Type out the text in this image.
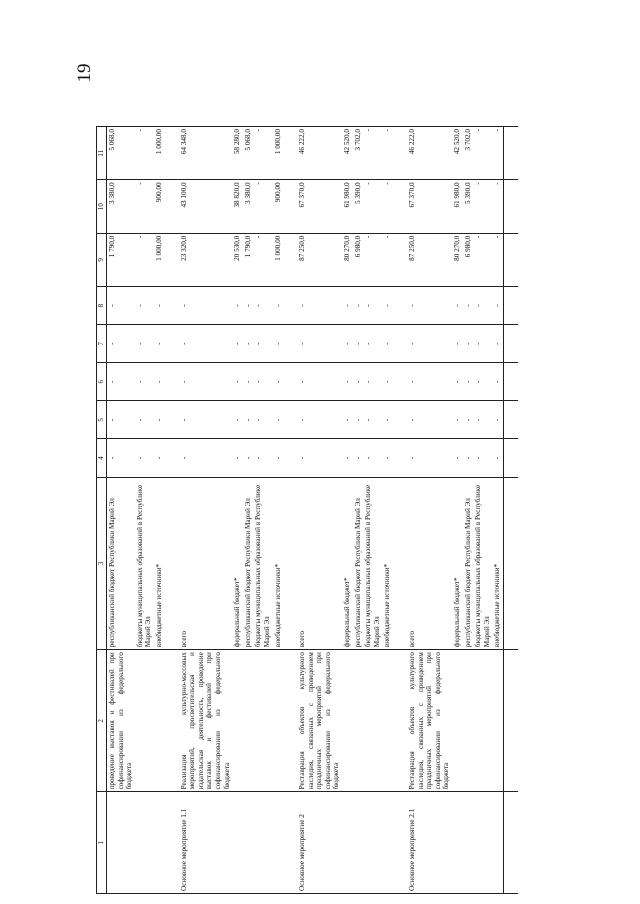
19
1	2	3	4	5	6	7	8	9	10	11
	проведение выставок и фестивалей при софинансировании из федерального бюджета	республиканский бюджет Республики Марий Эл	-	-	-	-	-	1 790,0	3 380,0	5 068,0
		бюджеты муниципальных образований в Республике Марий Эл	-	-	-	-	-	-	-	-
		внебюджетные источники*	-	-	-	-	-	1 000,00	900,00	1 000,00

Основное мероприятие 1.1	Реализация культурно-массовых мероприятий, просветительская и издательская деятельность, проведение выставок и фестивалей при софинансировании из федерального бюджета	всего	-	-	-	-	-	23 320,0	43 100,0	64 348,0
		федеральный бюджет*	-	-	-	-	-	20 530,0	38 820,0	58 280,0
		республиканский бюджет Республики Марий Эл	-	-	-	-	-	1 790,0	3 380,0	5 068,0
		бюджеты муниципальных образований в Республике Марий Эл	-	-	-	-	-	-	-	-
		внебюджетные источники*	-	-	-	-	-	1 000,00	900,00	1 000,00

Основное мероприятие 2	Реставрация объектов культурного наследия, связанных с проведением праздничных мероприятий при софинансировании из федерального бюджета	всего	-	-	-	-	-	87 250,0	67 370,0	46 222,0
		федеральный бюджет*	-	-	-	-	-	80 270,0	61 980,0	42 520,0
		республиканский бюджет Республики Марий Эл	-	-	-	-	-	6 980,0	5 390,0	3 702,0
		бюджеты муниципальных образований в Республике Марий Эл	-	-	-	-	-	-	-	-
		внебюджетные источники*	-	-	-	-	-	-	-	-

Основное мероприятие 2.1	Реставрация объектов культурного наследия, связанных с проведением праздничных мероприятий при софинансировании из федерального бюджета	всего	-	-	-	-	-	87 250,0	67 370,0	46 222,0
		федеральный бюджет*	-	-	-	-	-	80 270,0	61 980,0	42 520,0
		республиканский бюджет Республики Марий Эл	-	-	-	-	-	6 980,0	5 390,0	3 702,0
		бюджеты муниципальных образований в Республике Марий Эл	-	-	-	-	-	-	-	-
		внебюджетные источники*	-	-	-	-	-	-	-	-
